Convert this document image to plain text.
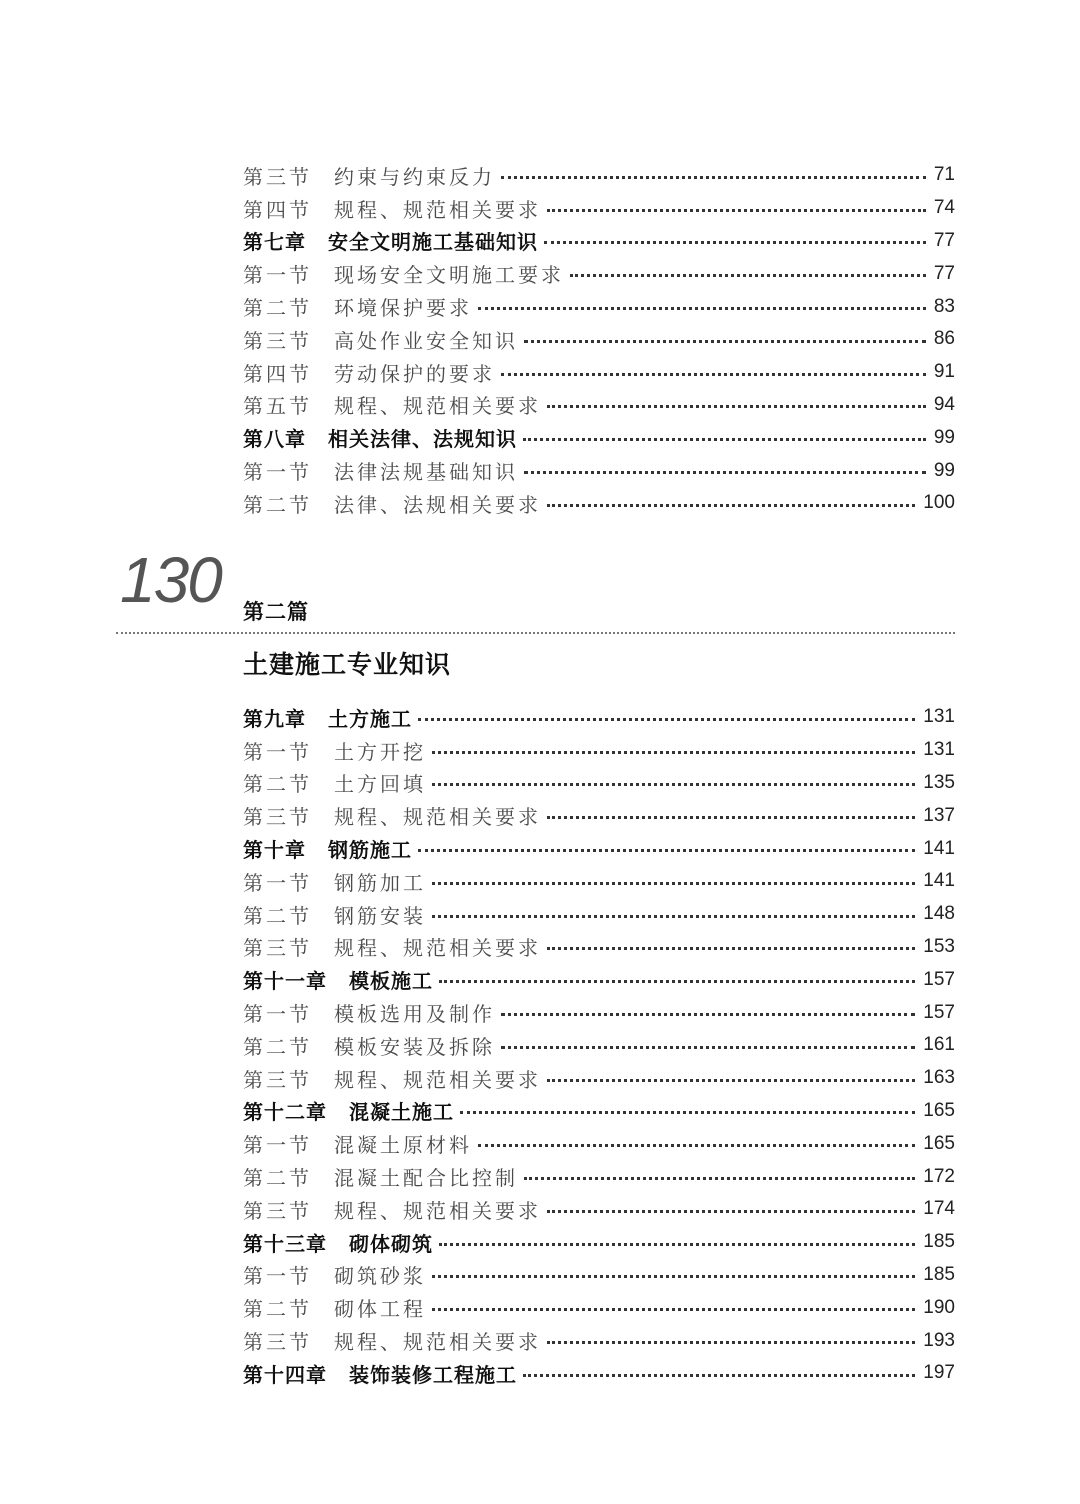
第三节 约束与约束反力	71
第四节 规程、规范相关要求	74
第七章 安全文明施工基础知识	77
第一节 现场安全文明施工要求	77
第二节 环境保护要求	83
第三节 高处作业安全知识	86
第四节 劳动保护的要求	91
第五节 规程、规范相关要求	94
第八章 相关法律、法规知识	99
第一节 法律法规基础知识	99
第二节 法律、法规相关要求	100
130 第二篇
土建施工专业知识
第九章 土方施工	131
第一节 土方开挖	131
第二节 土方回填	135
第三节 规程、规范相关要求	137
第十章 钢筋施工	141
第一节 钢筋加工	141
第二节 钢筋安装	148
第三节 规程、规范相关要求	153
第十一章 模板施工	157
第一节 模板选用及制作	157
第二节 模板安装及拆除	161
第三节 规程、规范相关要求	163
第十二章 混凝土施工	165
第一节 混凝土原材料	165
第二节 混凝土配合比控制	172
第三节 规程、规范相关要求	174
第十三章 砌体砌筑	185
第一节 砌筑砂浆	185
第二节 砌体工程	190
第三节 规程、规范相关要求	193
第十四章 装饰装修工程施工	197
